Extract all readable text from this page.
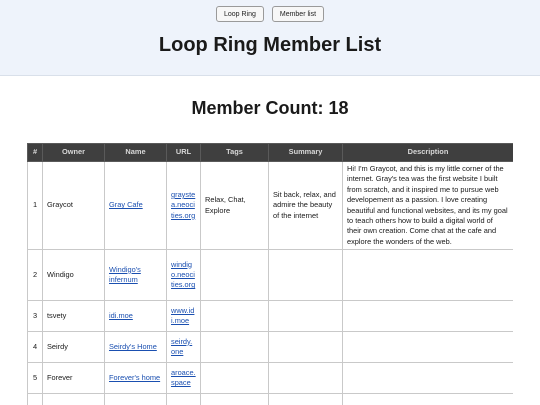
Loop Ring	Member list
Loop Ring Member List
Member Count: 18
#	Owner	Name	URL	Tags	Summary	Description
1	Graycot	Gray Cafe	graystea.neocities.org	Relax, Chat, Explore	Sit back, relax, and admire the beauty of the internet	Hi! I'm Graycot, and this is my little corner of the internet. Gray's tea was the first website I built from scratch, and it inspired me to pursue web developement as a passion. I love creating beautiful and functional websites, and its my goal to teach others how to build a digital world of their own creation. Come chat at the cafe and explore the wonders of the web.
2	Windigo	Windigo's infernum	windigo.neocities.org			
3	tsvety	idi.moe	www.idi.moe			
4	Seirdy	Seirdy's Home	seirdy.one			
5	Forever	Forever's home	aroace.space			
